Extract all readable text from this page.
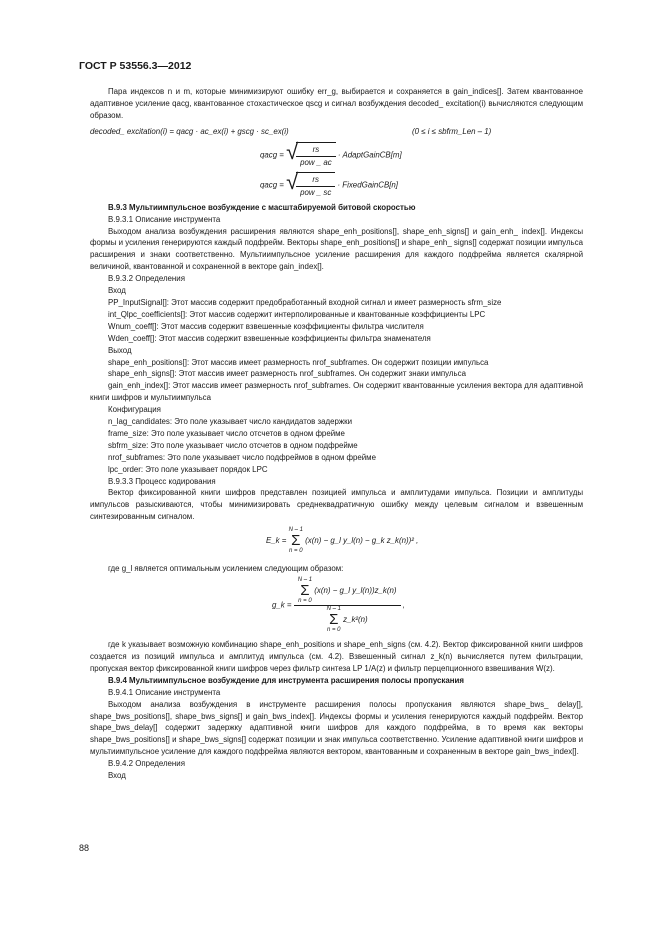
ГОСТ Р 53556.3—2012

Пара индексов n и m, которые минимизируют ошибку err_g, выбирается и сохраняется в gain_indices[]. Затем квантованное адаптивное усиление qacg, квантованное стохастическое qscg и сигнал возбуждения decoded_ excitation(i) вычисляются следующим образом.

decoded_ excitation(i) = qacg · ac_ex(i) + gscg · sc_ex(i)	(0 ≤ i ≤ sbfrm_Len – 1)
qacg = √
$\frac{rs}{\text{pow \_ ac}}$ · AdaptGainCB[m]
qacg = √
$\frac{rs}{\text{pow \_ sc}}$ · FixedGainCB[n]

В.9.3 Мультиимпульсное возбуждение с масштабируемой битовой скоростью

В.9.3.1 Описание инструмента

Выходом анализа возбуждения расширения являются shape_enh_positions[], shape_enh_signs[] и gain_enh_ index[]. Индексы формы и усиления генерируются каждый подфрейм. Векторы shape_enh_positions[] и shape_enh_ signs[] содержат позиции импульса расширения и знаки соответственно. Мультиимпульсное усиление расширения для каждого подфрейма является скалярной величиной, квантованной и сохраненной в векторе gain_index[].

В.9.3.2 Определения

Вход

PP_InputSignal[]: Этот массив содержит предобработанный входной сигнал и имеет размерность sfrm_size

int_Qlpc_coefficients[]: Этот массив содержит интерполированные и квантованные коэффициенты LPC

Wnum_coeff[]: Этот массив содержит взвешенные коэффициенты фильтра числителя

Wden_coeff[]: Этот массив содержит взвешенные коэффициенты фильтра знаменателя

Выход

shape_enh_positions[]: Этот массив имеет размерность nrof_subframes. Он содержит позиции импульса

shape_enh_signs[]: Этот массив имеет размерность nrof_subframes. Он содержит знаки импульса

gain_enh_index[]: Этот массив имеет размерность nrof_subframes. Он содержит квантованные усиления вектора для адаптивной книги шифров и мультиимпульса

Конфигурация

n_lag_candidates: Это поле указывает число кандидатов задержки

frame_size: Это поле указывает число отсчетов в одном фрейме

sbfrm_size: Это поле указывает число отсчетов в одном подфрейме

nrof_subframes: Это поле указывает число подфреймов в одном фрейме

lpc_order: Это поле указывает порядок LPC

В.9.3.3 Процесс кодирования

Вектор фиксированной книги шифров представлен позицией импульса и амплитудами импульса. Позиции и амплитуды импульсов разыскиваются, чтобы минимизировать среднеквадратичную ошибку между целевым сигналом и взвешенным синтезированным сигналом.

E_k =
N – 1
Σ
n = 0
(x(n) − g_l y_l(n) − g_k z_k(n))² ,

где g_l является оптимальным усилением следующим образом:

g_k = N – 1
Σ
n = 0
(x(n) − g_l y_l(n))z_k(n)
N – 1
Σ
n = 0
z_k²(n) ,

где k указывает возможную комбинацию shape_enh_positions и shape_enh_signs (см. 4.2). Вектор фиксированной книги шифров создается из позиций импульса и амплитуд импульса (см. 4.2). Взвешенный сигнал z_k(n) вычисляется путем фильтрации, пропуская вектор фиксированной книги шифров через фильтр синтеза LP 1/A(z) и фильтр перцепционного взвешивания W(z).

В.9.4 Мультиимпульсное возбуждение для инструмента расширения полосы пропускания

В.9.4.1 Описание инструмента

Выходом анализа возбуждения в инструменте расширения полосы пропускания являются shape_bws_ delay[], shape_bws_positions[], shape_bws_signs[] и gain_bws_index[]. Индексы формы и усиления генерируются каждый подфрейм. Вектор shape_bws_delay[] содержит задержку адаптивной книги шифров для каждого подфрейма, в то время как векторы shape_bws_positions[] и shape_bws_signs[] содержат позиции и знак импульса соответственно. Усиление адаптивной книги шифров и мультиимпульсное усиление для каждого подфрейма являются вектором, квантованным и сохраненным в векторе gain_bws_index[].

В.9.4.2 Определения

Вход

88
